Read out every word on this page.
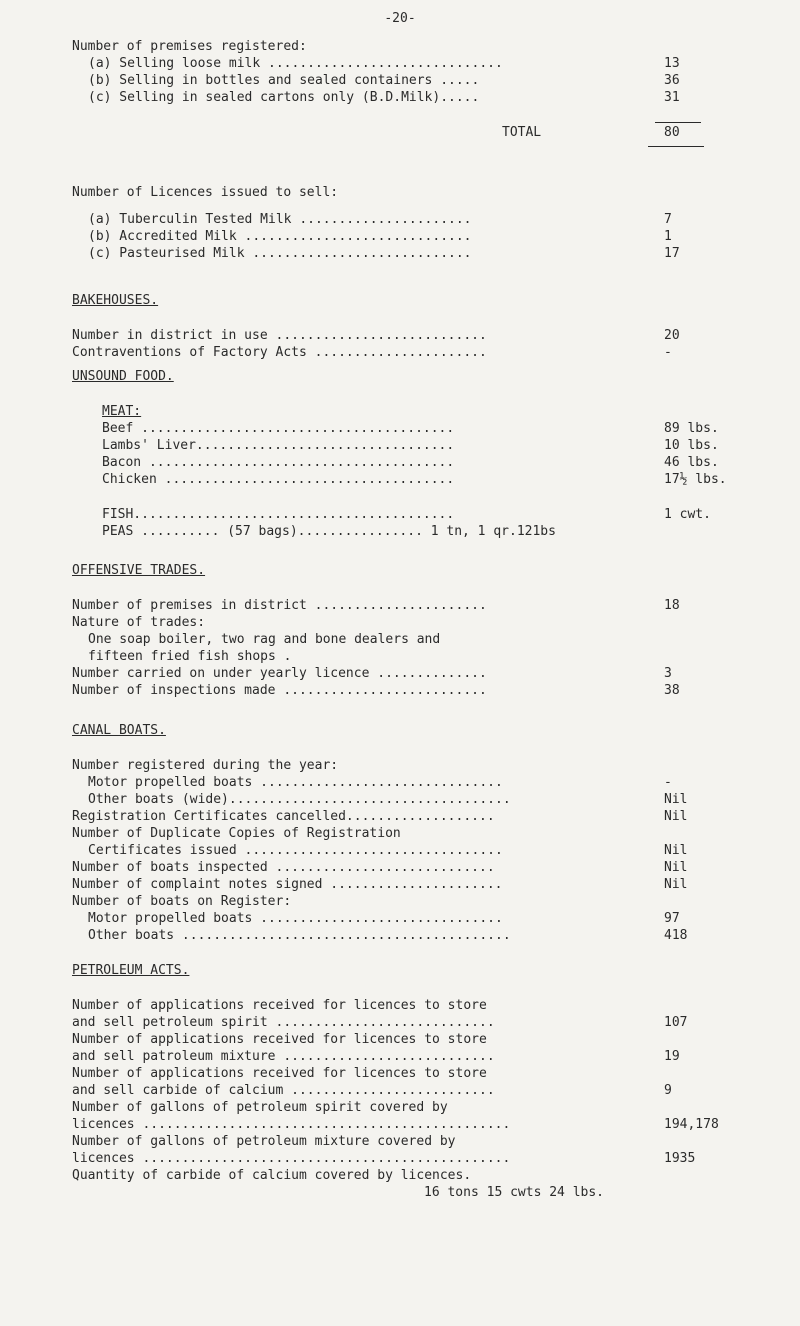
-20-
Number of premises registered:
(a) Selling loose milk ..............................	13
(b) Selling in bottles and sealed containers .....	36
(c) Selling in sealed cartons only (B.D.Milk).....	31
TOTAL	80
Number of Licences issued to sell:
(a) Tuberculin Tested Milk ......................	7
(b) Accredited Milk .............................	1
(c) Pasteurised Milk ............................	17
BAKEHOUSES.
Number in district in use ...........................	20
Contraventions of Factory Acts ......................	-
UNSOUND FOOD.
MEAT:
Beef ........................................	89 lbs.
Lambs' Liver.................................	10 lbs.
Bacon .......................................	46 lbs.
Chicken .....................................	17½ lbs.
FISH.........................................	1 cwt.
PEAS .......... (57 bags)................ 1 tn, 1 qr.121bs
OFFENSIVE TRADES.
Number of premises in district ......................	18
Nature of trades:
One soap boiler, two rag and bone dealers and
fifteen fried fish shops .
Number carried on under yearly licence ..............	3
Number of inspections made ..........................	38
CANAL BOATS.
Number registered during the year:
Motor propelled boats ...............................	-
Other boats (wide)....................................	Nil
Registration Certificates cancelled...................	Nil
Number of Duplicate Copies of Registration
Certificates issued .................................	Nil
Number of boats inspected ............................	Nil
Number of complaint notes signed ......................	Nil
Number of boats on Register:
Motor propelled boats ...............................	97
Other boats ..........................................	418
PETROLEUM ACTS.
Number of applications received for licences to store
and sell petroleum spirit ............................	107
Number of applications received for licences to store
and sell patroleum mixture ...........................	19
Number of applications received for licences to store
and sell carbide of calcium ..........................	9
Number of gallons of petroleum spirit covered by
licences ...............................................	194,178
Number of gallons of petroleum mixture covered by
licences ...............................................	1935
Quantity of carbide of calcium covered by licences.
16 tons 15 cwts 24 lbs.
